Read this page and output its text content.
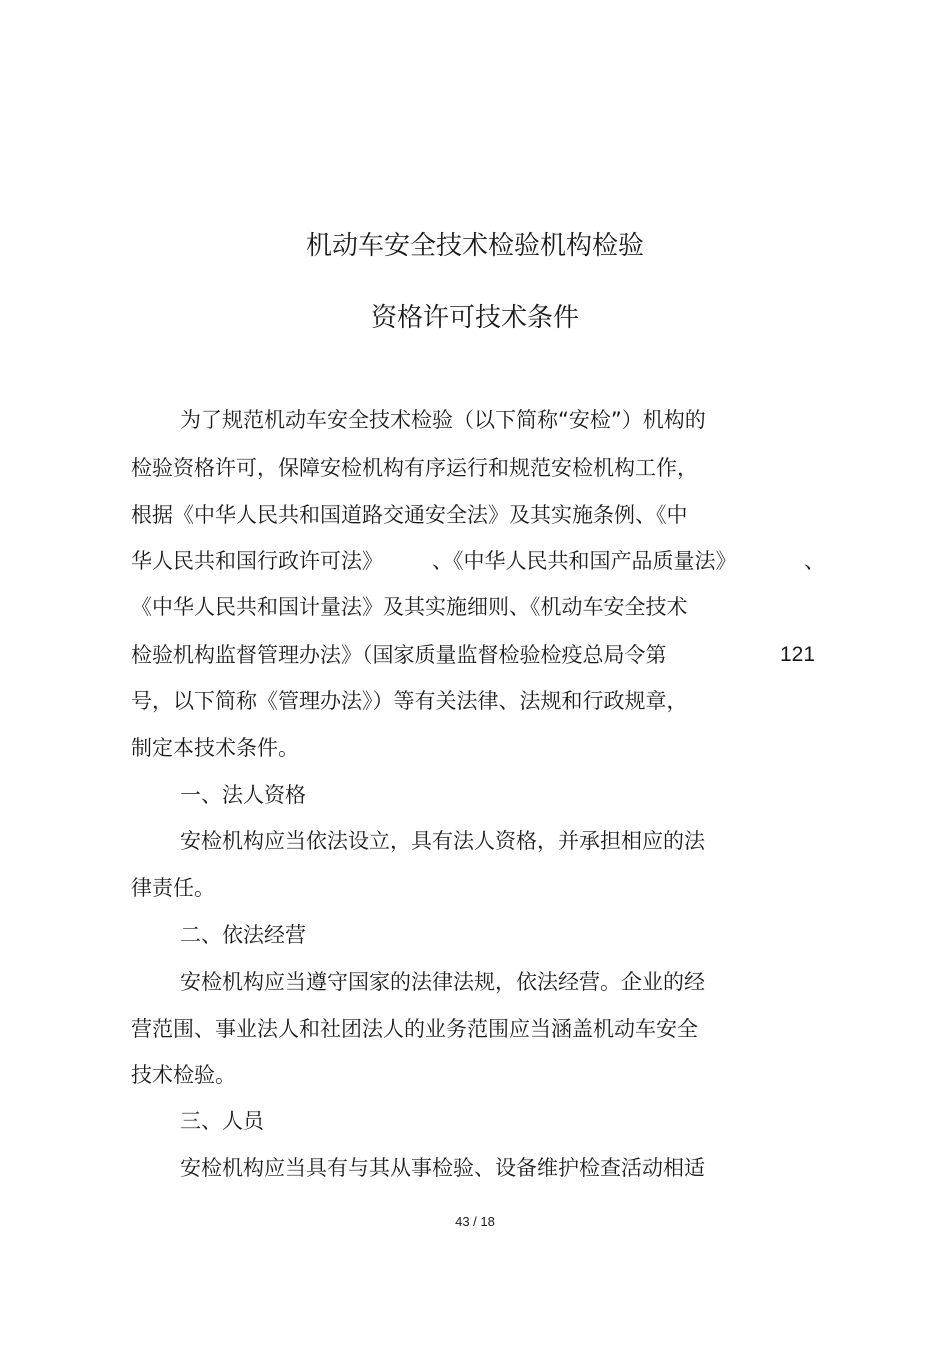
机动车安全技术检验机构检验
资格许可技术条件
为了规范机动车安全技术检验（以下简称“安检”）机构的
检验资格许可，保障安检机构有序运行和规范安检机构工作，
根据《中华人民共和国道路交通安全法》及其实施条例、《中
华人民共和国行政许可法》 、《中华人民共和国产品质量法》	、
《中华人民共和国计量法》及其实施细则、《机动车安全技术
检验机构监督管理办法》（国家质量监督检验检疫总局令第	121
号，以下简称《管理办法》）等有关法律、法规和行政规章，
制定本技术条件。
一、法人资格
安检机构应当依法设立，具有法人资格，并承担相应的法
律责任。
二、依法经营
安检机构应当遵守国家的法律法规，依法经营。企业的经
营范围、事业法人和社团法人的业务范围应当涵盖机动车安全
技术检验。
三、人员
安检机构应当具有与其从事检验、设备维护检查活动相适
43 / 18
